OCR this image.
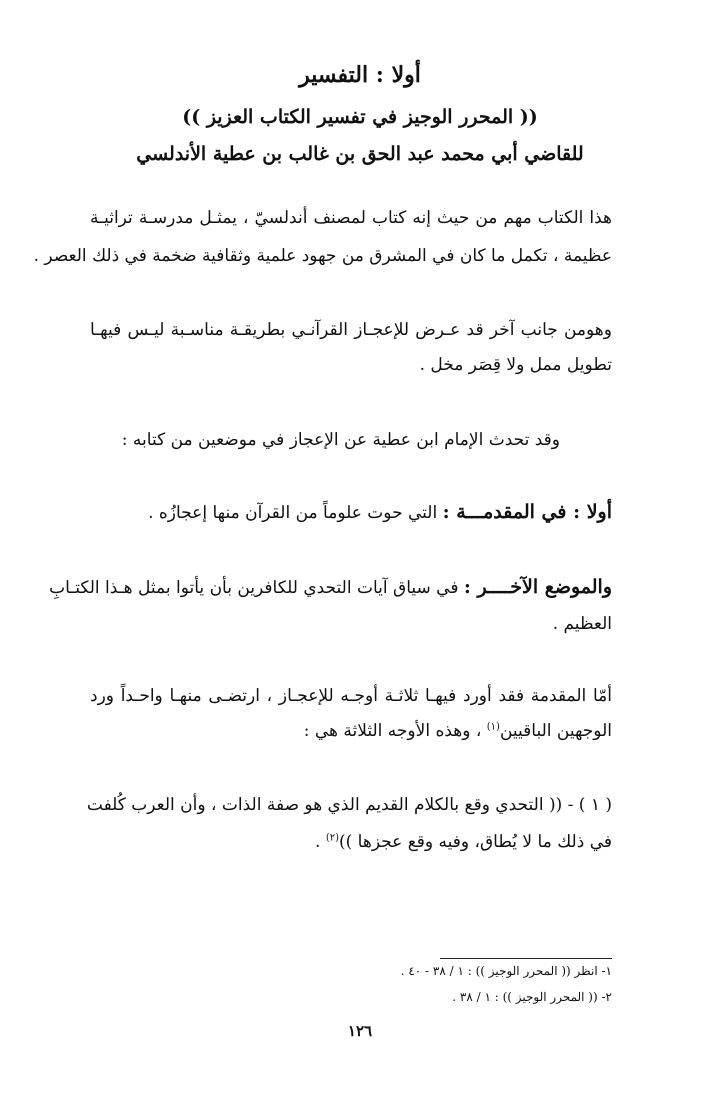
أولا : التفسير
(( المحرر الوجيز في تفسير الكتاب العزيز ))
للقاضي أبي محمد عبد الحق بن غالب بن عطية الأندلسي
هذا الكتاب مهم من حيث إنه كتاب لمصنف أندلسيّ ، يمثـل مدرسـة تراثيـة
عظيمة ، تكمل ما كان في المشرق من جهود علمية وثقافية ضخمة في ذلك العصر .
وهومن جانب آخر قد عـرض للإعجـاز القرآنـي بطريقـة مناسـبة ليـس فيهـا
تطويل ممل ولا قِصَر مخل .
وقد تحدث الإمام ابن عطية عن الإعجاز في موضعين من كتابه :
أولا : في المقدمـــة : التي حوت علوماً من القرآن منها إعجازُه .
والموضع الآخــــر : في سياق آيات التحدي للكافرين بأن يأتوا بمثل هـذا الكتـابِ
العظيم .
أمّا المقدمة فقد أورد فيهـا ثلاثـة أوجـه للإعجـاز ، ارتضـى منهـا واحـداً ورد
الوجهين الباقيين$^{(١)}$ ، وهذه الأوجه الثلاثة هي :
( ١ ) - (( التحدي وقع بالكلام القديم الذي هو صفة الذات ، وأن العرب كُلفت
في ذلك ما لا يُطاق، وفيه وقع عجزها ))$^{(٢)}$ .
١- انظر (( المحرر الوجيز )) : ١ / ٣٨ - ٤٠ .
٢- (( المحرر الوجيز )) : ١ / ٣٨ .
١٢٦
